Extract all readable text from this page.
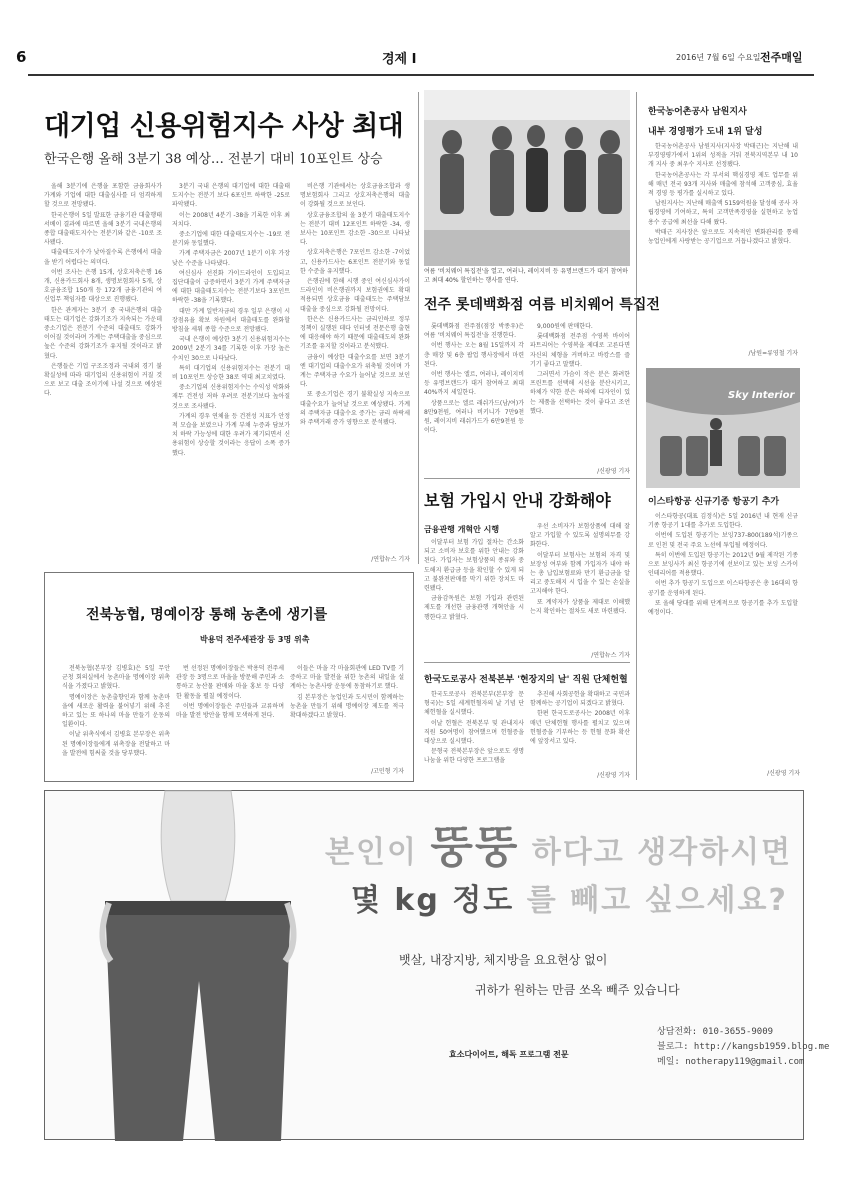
6	경제 I	2016년 7월 6일 수요일 전주매일
대기업 신용위험지수 사상 최대
한국은행 올해 3분기 38 예상… 전분기 대비 10포인트 상승

올해 3분기에 은행을 포함한 금융회사가 가계와 기업에 대한 대출심사를 더 엄격하게 할 것으로 전망됐다.

한국은행이 5일 발표한 금융기관 대출행태서베이 결과에 따르면 올해 3분기 국내은행의 종합 대출태도지수는 전분기와 같은 -10로 조사됐다.

대출태도지수가 낮아질수록 은행에서 대출을 받기 어렵다는 의미다.

이번 조사는 은행 15개, 상호저축은행 16개, 신용카드회사 8개, 생명보험회사 5개, 상호금융조합 150개 등 172개 금융기관의 여신업무 책임자를 대상으로 진행됐다.

한은 관계자는 3분기 중 국내은행의 대출태도는 대기업은 강화기조가 지속되는 가운데 중소기업은 전분기 수준의 대출태도 강화가 이어질 것이라며 가계는 주택대출을 중심으로 높은 수준의 강화기조가 유지될 것이라고 밝혔다.

은행들은 기업 구조조정과 국내외 경기 불확실성에 따라 대기업의 신용위험이 커질 것으로 보고 대출 조이기에 나설 것으로 예상된다.

3분기 국내 은행의 대기업에 대한 대출태도지수는 전분기 보다 6포인트 하락한 -25로 파악됐다.

이는 2008년 4분기 -38을 기록한 이후 최저치다.

중소기업에 대한 대출태도지수는 -19로 전분기와 동일했다.

가계 주택자금은 2007년 1분기 이후 가장 낮은 수준을 나타냈다.

여신심사 선진화 가이드라인이 도입되고 집단대출이 급증하면서 3분기 가계 주택자금에 대한 대출태도지수는 전분기보다 3포인트 하락한 -38을 기록했다.

대만 가계 일반자금의 경우 일부 은행이 시장점유율 확보 차원에서 대출태도를 완화할 방침을 세워 종합 수준으로 전망됐다.

국내 은행이 예상한 3분기 신용위험지수는 2009년 2분기 34를 기록한 이후 가장 높은 수치인 30으로 나타났다.

특히 대기업의 신용위험지수는 전분기 대비 10포인트 상승한 38로 역대 최고치였다.

중소기업의 신용위험지수는 수익성 악화와 재무 건전성 저하 우려로 전분기보다 높아질 것으로 조사됐다.

가계의 경우 연체율 등 건전성 지표가 안정적 모습을 보였으나 가계 부채 누증과 담보가치 하락 가능성에 대한 우려가 제기되면서 신용위험이 상승할 것이라는 응답이 소폭 증가했다.

비은행 기관에서는 상호금융조합과 생명보험회사 그리고 상호저축은행의 대출이 강화될 것으로 보인다.

상호금융조합의 올 3분기 대출태도지수는 전분기 대비 12포인트 하락한 -34, 생보사는 10포인트 감소한 -30으로 나타났다.

상호저축은행은 7포인트 감소한 -7이었고, 신용카드사는 6포인트 전분기와 동일한 수준을 유지했다.

은행권에 한해 시행 중인 여신심사가이드라인이 비은행권까지 보험권에도 확대 적용되면 상호금융 대출태도는 주택담보대출을 중심으로 강화될 전망이다.

한은은 신용카드사는 금리인하로 정부 정책이 실행된 데다 인터넷 전문은행 출현에 대응해야 하기 때문에 대출태도의 완화기조를 유지할 것이라고 분석했다.

금융이 예상한 대출수요를 보면 3분기엔 대기업의 대출수요가 위축될 것이며 가계는 주택자금 수요가 늘어날 것으로 보인다.

또 중소기업은 경기 불확실성 지속으로 대출수요가 늘어날 것으로 예상됐다. 가계의 주택자금 대출수요 증가는 금리 하락세와 주택거래 증가 영향으로 분석됐다.

/연합뉴스 기자
여름 '비치웨어 특집전'을 열고, 여러나, 레이지비 등 유명브랜드가 대거 참여하고 최대 40% 할인하는 행사를 연다.
전주 롯데백화점 여름 비치웨어 특집전

롯데백화점 전주점(점장 박종우)은 여름 '비치웨어 특집전'을 진행한다.

이번 행사는 오는 8월 15일까지 각층 매장 및 6층 팝업 행사장에서 마련된다.

이번 행사는 엘르, 여러나, 레이지비 등 유명브랜드가 대거 참여하고 최대 40%까지 세일한다.

상품으로는 엘르 래쉬가드(남/여)가 8만9천원, 여러나 비키니가 7만9천원, 레이지비 래쉬가드가 6만9천원 등이다.

9,000원에 판매한다.

롯데백화점 전주점 수영복 바이어 파트리어는 수영복을 제대로 고른다면 자신의 체형을 커버하고 바캉스를 즐기기 좋다고 말했다.

그러면서 가슴이 작은 분은 화려한 프린트를 선택해 시선을 분산시키고, 하체가 약한 분은 하의에 디자인이 있는 제품을 선택하는 것이 좋다고 조언했다.

/신광영 기자
보험 가입시 안내 강화해야
금융관행 개혁안 시행

이달부터 보험 가입 절차는 간소화되고 소비자 보호를 위한 안내는 강화된다. 가입자는 보험상품의 종류와 중도해지 환급금 등을 확인할 수 있게 되고 불완전판매를 막기 위한 장치도 마련됐다.

금융감독원은 보험 가입과 관련된 제도를 개선한 금융관행 개혁안을 시행한다고 밝혔다.

우선 소비자가 보험상품에 대해 잘 알고 가입할 수 있도록 설명의무를 강화한다.

이달부터 보험사는 보험의 자격 및 보장성 여부와 함께 가입자가 내야 하는 총 납입보험료와 만기 환급금을 알리고 중도해지 시 입을 수 있는 손실을 고지해야 한다.

또 계약자가 상품을 제대로 이해했는지 확인하는 절차도 새로 마련됐다.

/연합뉴스 기자
한국도로공사 전북본부 '현장지의 날' 직원 단체헌혈

한국도로공사 전북본부(본부장 문형국)는 5일 세계헌혈자의 날 기념 단체헌혈을 실시했다.

이날 헌혈은 전북본부 및 관내지사 직원 50여명이 참여했으며 헌혈증을 대상으로 실시했다.

문형국 전북본부장은 앞으로도 생명나눔을 위한 다양한 프로그램을

추진해 사회공헌을 확대하고 국민과 함께하는 공기업이 되겠다고 밝혔다.

한편 한국도로공사는 2008년 이후 매년 단체헌혈 행사를 펼치고 있으며 헌혈증을 기부하는 등 헌혈 문화 확산에 앞장서고 있다.

/신광영 기자
전북농협, 명예이장 통해 농촌에 생기를
박용덕 전주세관장 등 3명 위촉

전북농협(본부장 김병효)은 5일 무안군청 회의실에서 농촌마을 명예이장 위촉식을 가졌다고 밝혔다.

명예이장은 농촌출향인과 함께 농촌마을에 새로운 활력을 불어넣기 위해 추진하고 있는 또 하나의 마을 만들기 운동의 일환이다.

이날 위촉식에서 김병효 본부장은 위촉된 명예이장들에게 위촉장을 전달하고 마을 발전에 힘써줄 것을 당부했다.

번 선정된 명예이장들은 박용덕 전주세관장 등 3명으로 마을을 방문해 주민과 소통하고 농산물 판매와 마을 홍보 등 다양한 활동을 펼칠 예정이다.

이번 명예이장들은 주민들과 교류하며 마을 발전 방안을 함께 모색하게 된다.

이들은 마을 각 마을회관에 LED TV를 기증하고 마을 발전을 위한 농촌의 내일을 설계하는 농촌사랑 운동에 동참하기로 했다.

김 본부장은 농업인과 도시민이 함께하는 농촌을 만들기 위해 명예이장 제도를 적극 확대하겠다고 밝혔다.

/고민형 기자
한국농어촌공사 남원지사
내부 경영평가 도내 1위 달성

한국농어촌공사 남원지사(지사장 박태근)는 지난해 내부경영평가에서 1위의 성적을 거둬 전북지역본부 내 10개 지사 중 최우수 지사로 선정됐다.

한국농어촌공사는 각 부서의 핵심경영 제도 업무를 위해 매년 전국 93개 지사와 매출에 참석해 고객중심, 효율적 경영 등 평가를 실시하고 있다.

남원지사는 지난해 매출액 5159억원을 달성해 공사 자립경영에 기여하고, 특히 고객만족경영을 실현하고 농업용수 공급에 최선을 다해 왔다.

박태근 지사장은 앞으로도 지속적인 변화관리를 통해 농업인에게 사랑받는 공기업으로 거듭나겠다고 밝혔다.

/남원=류영철 기자
Sky Interior
이스타항공 신규기종 항공기 추가

이스타항공(대표 김정식)은 5일 2016년 내 현재 신규기종 항공기 1대를 추가로 도입한다.

이번에 도입된 항공기는 보잉737-800(189석)기종으로 인천 및 전국 주요 노선에 투입될 예정이다.

특히 이번에 도입된 항공기는 2012년 9월 제작된 기종으로 보잉사가 최신 항공기에 선보이고 있는 보잉 스카이 인테리어를 적용했다.

이번 추가 항공기 도입으로 이스타항공은 총 16대의 항공기를 운영하게 된다.

또 올해 당대를 위해 단계적으로 항공기를 추가 도입할 예정이다.

/신광영 기자
본인이 뚱뚱 하다고 생각하시면
몇 kg 정도 를 빼고 싶으세요?
뱃살, 내장지방, 체지방을 요요현상 없이
귀하가 원하는 만큼 쏘옥 빼주 있습니다
효소다이어트, 해독 프로그램 전문
상담전화: 010-3655-9009
블로그: http://kangsb1959.blog.me
메일: notherapy119@gmail.com
